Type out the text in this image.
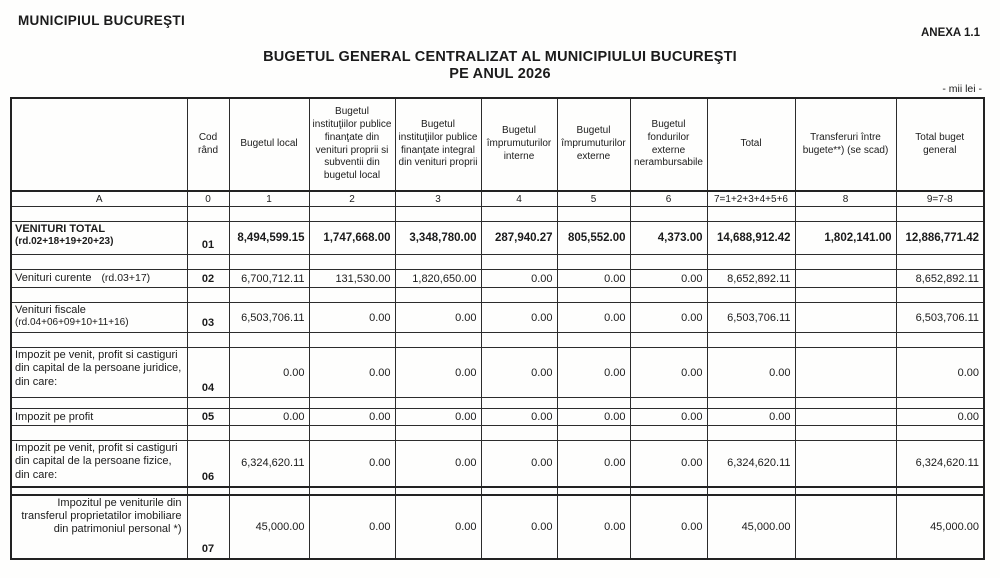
MUNICIPIUL BUCUREŞTI
ANEXA 1.1
BUGETUL GENERAL CENTRALIZAT AL MUNICIPIULUI BUCUREŞTI
PE ANUL 2026
- mii lei -
	Cod rând	Bugetul local	Bugetul instituţiilor publice finanţate din venituri proprii si subventii din bugetul local	Bugetul instituţiilor publice finanţate integral din venituri proprii	Bugetul împrumuturilor interne	Bugetul împrumuturilor externe	Bugetul fondurilor externe nerambursabile	Total	Transferuri între bugete**) (se scad)	Total buget general
A	0	1	2	3	4	5	6	7=1+2+3+4+5+6	8	9=7-8

VENITURI TOTAL
(rd.02+18+19+20+23)	01	8,494,599.15	1,747,668.00	3,348,780.00	287,940.27	805,552.00	4,373.00	14,688,912.42	1,802,141.00	12,886,771.42

Venituri curente (rd.03+17)	02	6,700,712.11	131,530.00	1,820,650.00	0.00	0.00	0.00	8,652,892.11		8,652,892.11

Venituri fiscale
(rd.04+06+09+10+11+16)	03	6,503,706.11	0.00	0.00	0.00	0.00	0.00	6,503,706.11		6,503,706.11

Impozit pe venit, profit si castiguri din capital de la persoane juridice, din care:	04	0.00	0.00	0.00	0.00	0.00	0.00	0.00		0.00

Impozit pe profit	05	0.00	0.00	0.00	0.00	0.00	0.00	0.00		0.00

Impozit pe venit, profit si castiguri din capital de la persoane fizice, din care:	06	6,324,620.11	0.00	0.00	0.00	0.00	0.00	6,324,620.11		6,324,620.11

Impozitul pe veniturile din transferul proprietatilor imobiliare din patrimoniul personal *)	07	45,000.00	0.00	0.00	0.00	0.00	0.00	45,000.00		45,000.00
